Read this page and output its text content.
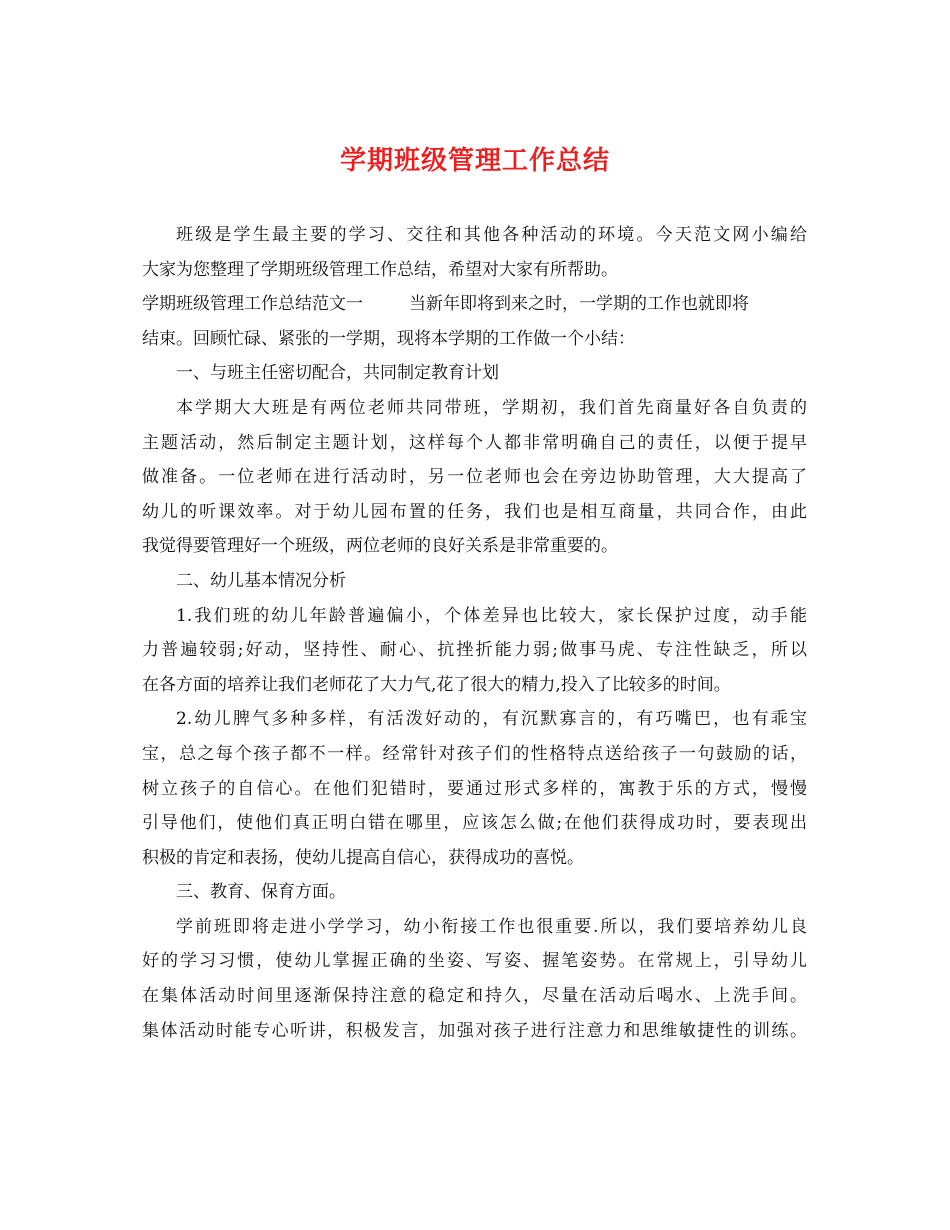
学期班级管理工作总结
班级是学生最主要的学习、交往和其他各种活动的环境。今天范文网小编给
大家为您整理了学期班级管理工作总结，希望对大家有所帮助。
学期班级管理工作总结范文一	当新年即将到来之时，一学期的工作也就即将
结束。回顾忙碌、紧张的一学期，现将本学期的工作做一个小结：
一、与班主任密切配合，共同制定教育计划
本学期大大班是有两位老师共同带班，学期初，我们首先商量好各自负责的
主题活动，然后制定主题计划，这样每个人都非常明确自己的责任，以便于提早
做准备。一位老师在进行活动时，另一位老师也会在旁边协助管理，大大提高了
幼儿的听课效率。对于幼儿园布置的任务，我们也是相互商量，共同合作，由此
我觉得要管理好一个班级，两位老师的良好关系是非常重要的。
二、幼儿基本情况分析
1.我们班的幼儿年龄普遍偏小，个体差异也比较大，家长保护过度，动手能
力普遍较弱;好动，坚持性、耐心、抗挫折能力弱;做事马虎、专注性缺乏，所以
在各方面的培养让我们老师花了大力气,花了很大的精力,投入了比较多的时间。
2.幼儿脾气多种多样，有活泼好动的，有沉默寡言的，有巧嘴巴，也有乖宝
宝，总之每个孩子都不一样。经常针对孩子们的性格特点送给孩子一句鼓励的话，
树立孩子的自信心。在他们犯错时，要通过形式多样的，寓教于乐的方式，慢慢
引导他们，使他们真正明白错在哪里，应该怎么做;在他们获得成功时，要表现出
积极的肯定和表扬，使幼儿提高自信心，获得成功的喜悦。
三、教育、保育方面。
学前班即将走进小学学习，幼小衔接工作也很重要.所以，我们要培养幼儿良
好的学习习惯，使幼儿掌握正确的坐姿、写姿、握笔姿势。在常规上，引导幼儿
在集体活动时间里逐渐保持注意的稳定和持久，尽量在活动后喝水、上洗手间。
集体活动时能专心听讲，积极发言，加强对孩子进行注意力和思维敏捷性的训练。
